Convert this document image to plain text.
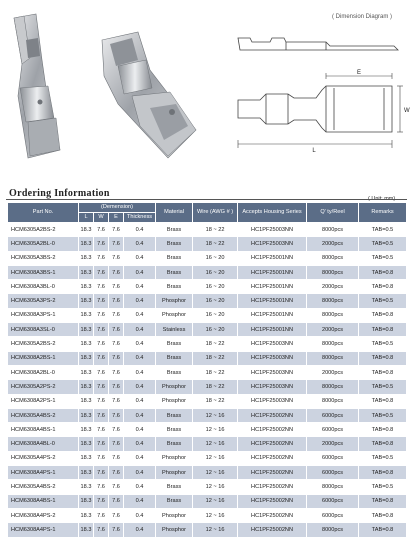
( Dimension Diagram )
E
W
L
Ordering Information
Part No.	(Demension)				Material	Wire (AWG # )	Accepts Housing Series	Q' ty/Reel	Remarks
	L	W	E	Thickness					
HCM6305A2BS-2	18.3	7.6	7.6	0.4	Brass	18 ~ 22	HC1PF25003NN	8000pcs	TAB=0.5
HCM6305A2BL-0	18.3	7.6	7.6	0.4	Brass	18 ~ 22	HC1PF25003NN	2000pcs	TAB=0.5
HCM6305A3BS-2	18.3	7.6	7.6	0.4	Brass	16 ~ 20	HC1PF25001NN	8000pcs	TAB=0.5
HCM6308A3BS-1	18.3	7.6	7.6	0.4	Brass	16 ~ 20	HC1PF25001NN	8000pcs	TAB=0.8
HCM6308A3BL-0	18.3	7.6	7.6	0.4	Brass	16 ~ 20	HC1PF25001NN	2000pcs	TAB=0.8
HCM6305A3PS-2	18.3	7.6	7.6	0.4	Phosphor	16 ~ 20	HC1PF25001NN	8000pcs	TAB=0.5
HCM6308A3PS-1	18.3	7.6	7.6	0.4	Phosphor	16 ~ 20	HC1PF25001NN	8000pcs	TAB=0.8
HCM6308A3SL-0	18.3	7.6	7.6	0.4	Stainless	16 ~ 20	HC1PF25001NN	2000pcs	TAB=0.8
HCM6305A2BS-2	18.3	7.6	7.6	0.4	Brass	18 ~ 22	HC1PF25003NN	8000pcs	TAB=0.5
HCM6308A2BS-1	18.3	7.6	7.6	0.4	Brass	18 ~ 22	HC1PF25003NN	8000pcs	TAB=0.8
HCM6308A2BL-0	18.3	7.6	7.6	0.4	Brass	18 ~ 22	HC1PF25003NN	2000pcs	TAB=0.8
HCM6305A2PS-2	18.3	7.6	7.6	0.4	Phosphor	18 ~ 22	HC1PF25003NN	8000pcs	TAB=0.5
HCM6308A2PS-1	18.3	7.6	7.6	0.4	Phosphor	18 ~ 22	HC1PF25003NN	8000pcs	TAB=0.8
HCM6305A4BS-2	18.3	7.6	7.6	0.4	Brass	12 ~ 16	HC1PF25002NN	6000pcs	TAB=0.5
HCM6308A4BS-1	18.3	7.6	7.6	0.4	Brass	12 ~ 16	HC1PF25002NN	6000pcs	TAB=0.8
HCM6308A4BL-0	18.3	7.6	7.6	0.4	Brass	12 ~ 16	HC1PF25002NN	2000pcs	TAB=0.8
HCM6305A4PS-2	18.3	7.6	7.6	0.4	Phosphor	12 ~ 16	HC1PF25002NN	6000pcs	TAB=0.5
HCM6308A4PS-1	18.3	7.6	7.6	0.4	Phosphor	12 ~ 16	HC1PF25002NN	6000pcs	TAB=0.8
HCM6305A4BS-2	18.3	7.6	7.6	0.4	Brass	12 ~ 16	HC1PF25002NN	8000pcs	TAB=0.5
HCM6308A4BS-1	18.3	7.6	7.6	0.4	Brass	12 ~ 16	HC1PF25002NN	6000pcs	TAB=0.8
HCM6308A4PS-2	18.3	7.6	7.6	0.4	Phosphor	12 ~ 16	HC1PF25002NN	6000pcs	TAB=0.8
HCM6308A4PS-1	18.3	7.6	7.6	0.4	Phosphor	12 ~ 16	HC1PF25002NN	8000pcs	TAB=0.8
